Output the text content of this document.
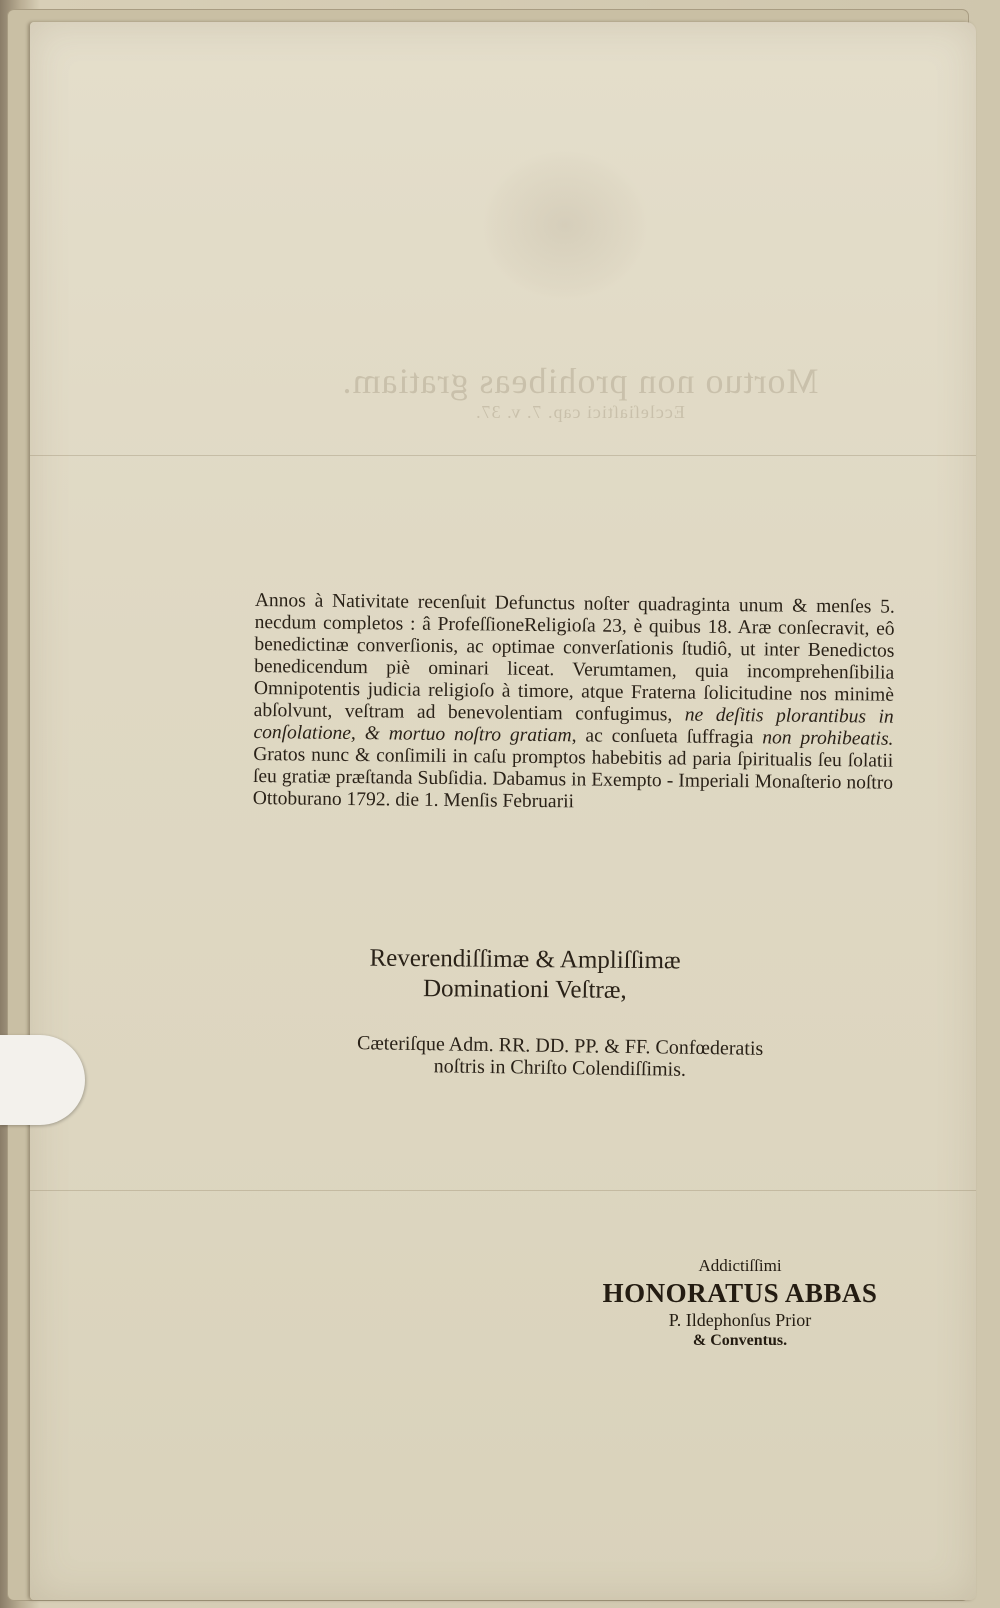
Mortuo non prohibeas gratiam.
Eccleſiaſtici cap. 7. v. 37.
Annos à Nativitate recenſuit Defunctus noſter quadraginta unum & menſes 5. necdum completos : â ProfeſſioneReligioſa 23, è quibus 18. Aræ conſecravit, eô benedictinæ converſionis, ac optimae converſationis ſtudiô, ut inter Benedictos benedicendum piè ominari liceat. Verumtamen, quia incomprehenſibilia Omnipotentis judicia religioſo à timore, atque Fraterna ſolicitudine nos minimè abſolvunt, veſtram ad benevolentiam confugimus, ne deſitis plorantibus in conſolatione, & mortuo noſtro gratiam, ac conſueta ſuffragia non prohibeatis. Gratos nunc & conſimili in caſu promptos habebitis ad paria ſpiritualis ſeu ſolatii ſeu gratiæ præſtanda Subſidia. Dabamus in Exempto - Imperiali Monaſterio noſtro Ottoburano 1792. die 1. Menſis Februarii
Reverendiſſimæ & Ampliſſimæ
Dominationi Veſtræ,
Cæteriſque Adm. RR. DD. PP. & FF. Confœderatis
noſtris in Chriſto Colendiſſimis.
Addictiſſimi
HONORATUS ABBAS
P. Ildephonſus Prior
& Conventus.
